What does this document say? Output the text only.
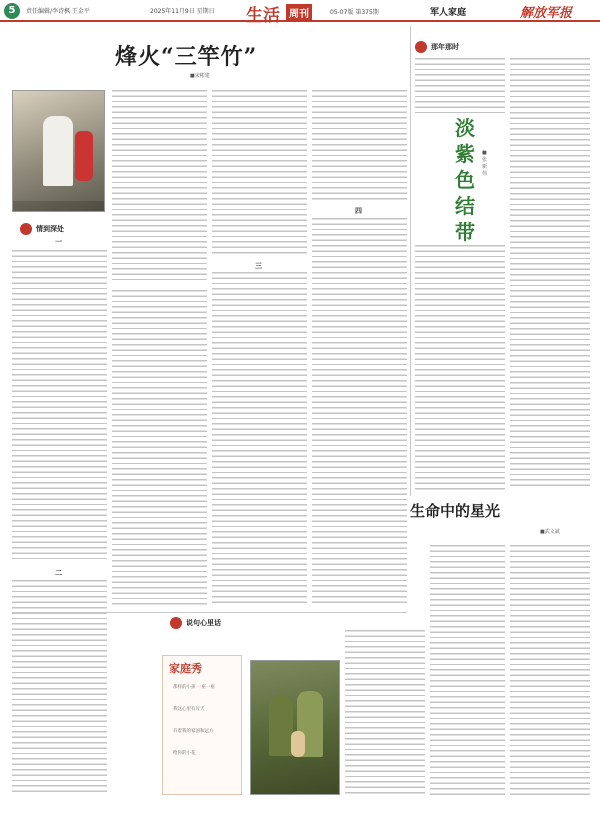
5	责任编辑/李诗枫 王金平	2025年11月9日 星期日 生活 周刊	05-07版 第375期	军人家庭	解放军报
烽火“三竿竹”
■宋彬建
情到深处
一
二
三
四
那年那时
淡紫色结带
■张新伟
生命中的星光
■武文斌
说句心里话
家庭秀
那样的小孩 一座一座
我这心里有片天
有着我的家国和远方
给你的小花
